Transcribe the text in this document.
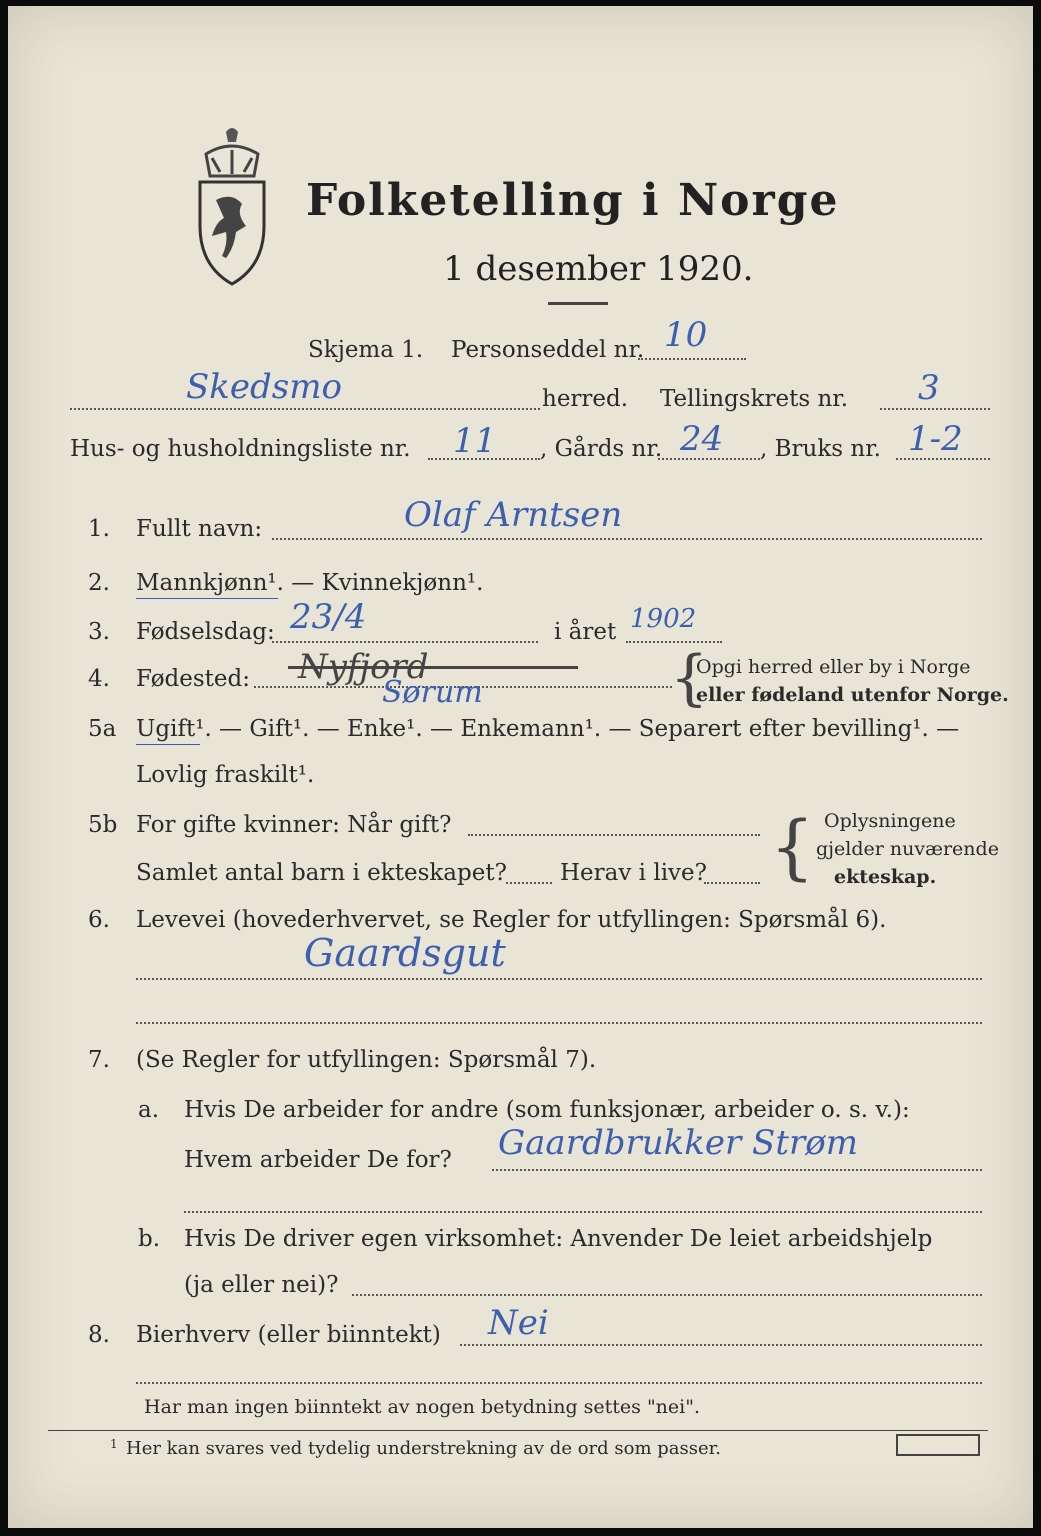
Folketelling i Norge
1 desember 1920.
Skjema 1. Personseddel nr. 10
Skedsmo	herred. Tellingskrets nr. 3
Hus- og husholdningsliste nr. 11 , Gårds nr. 24 , Bruks nr. 1-2
1. Fullt navn:	Olaf Arntsen
2. Mannkjønn¹. — Kvinnekjønn¹.
3. Fødselsdag: 23/4	i året 1902
4. Fødested: Nyfjord
Sørum	{
Opgi herred eller by i Norge
eller fødeland utenfor Norge.
5a Ugift¹. — Gift¹. — Enke¹. — Enkemann¹. — Separert efter bevilling¹. —
Lovlig fraskilt¹.
5b For gifte kvinner: Når gift?
Samlet antal barn i ekteskapet? Herav i live? { Oplysningene
gjelder nuværende
ekteskap.
6. Levevei (hovederhvervet, se Regler for utfyllingen: Spørsmål 6).
Gaardsgut
7. (Se Regler for utfyllingen: Spørsmål 7).
a. Hvis De arbeider for andre (som funksjonær, arbeider o. s. v.):
Hvem arbeider De for? Gaardbrukker Strøm
b. Hvis De driver egen virksomhet: Anvender De leiet arbeidshjelp
(ja eller nei)?
8. Bierhverv (eller biinntekt) Nei
Har man ingen biinntekt av nogen betydning settes "nei".
1 Her kan svares ved tydelig understrekning av de ord som passer.
